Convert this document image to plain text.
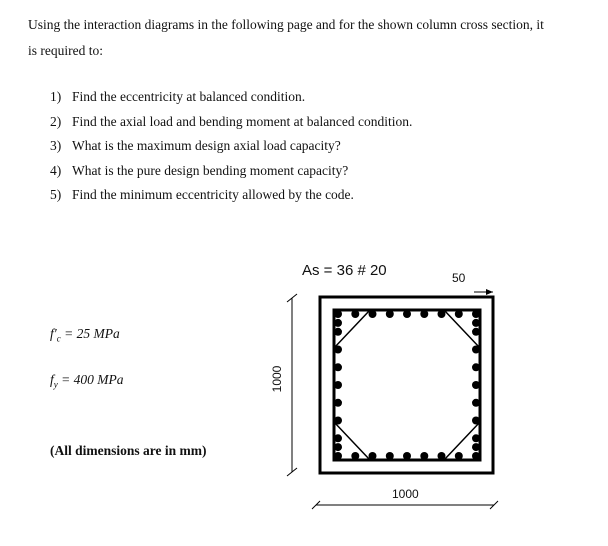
Using the interaction diagrams in the following page and for the shown column cross section, it
is required to:
1) Find the eccentricity at balanced condition.
2) Find the axial load and bending moment at balanced condition.
3) What is the maximum design axial load capacity?
4) What is the pure design bending moment capacity?
5) Find the minimum eccentricity allowed by the code.
$f'_c = 25$ MPa
$f_y = 400$ MPa
(All dimensions are in mm)
As = 36 # 20	50
1000
1000
